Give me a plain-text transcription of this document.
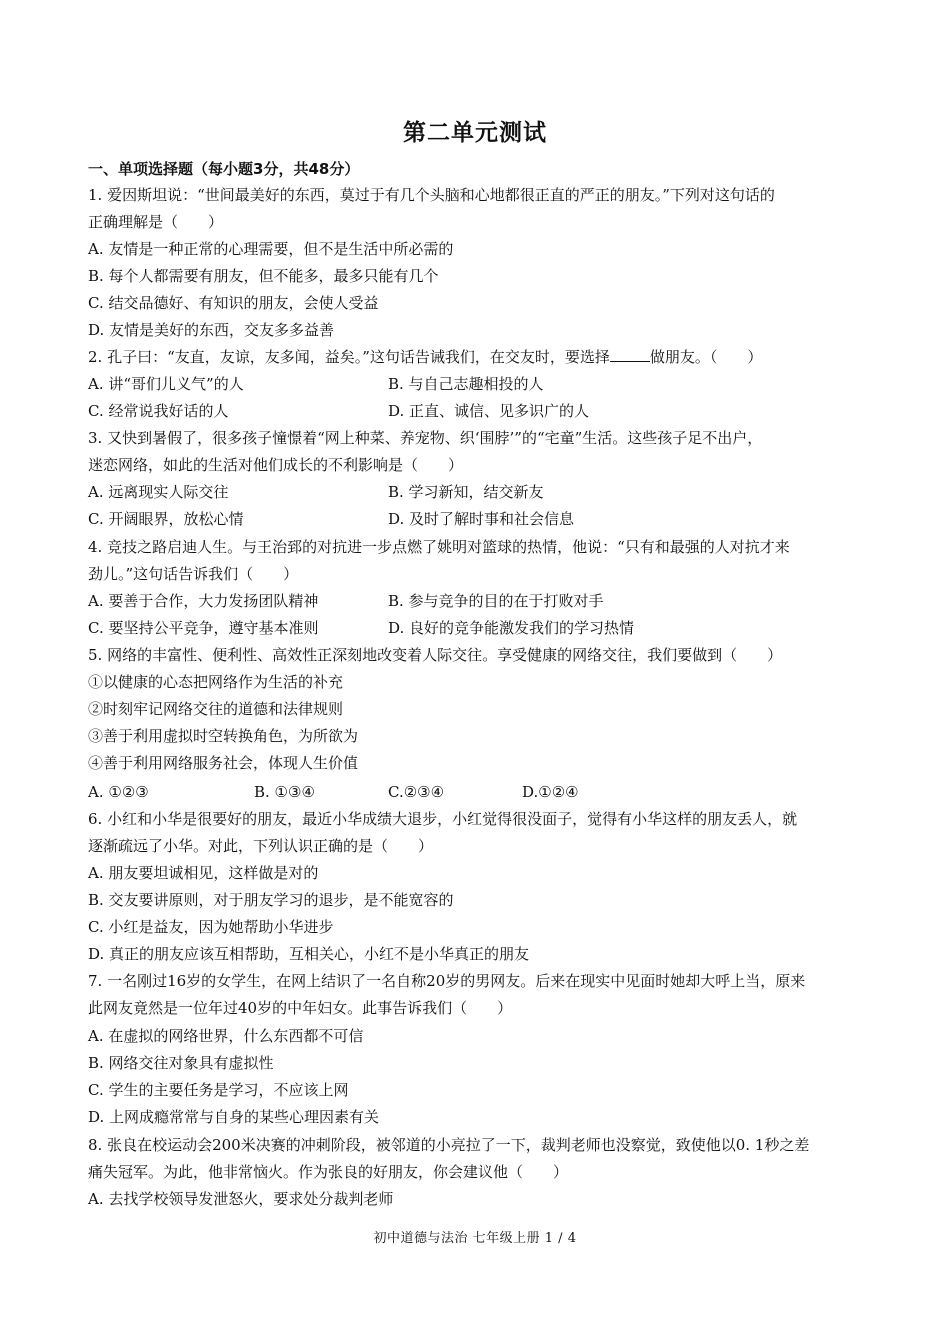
第二单元测试
一、单项选择题（每小题3分，共48分）
1. 爱因斯坦说：“世间最美好的东西，莫过于有几个头脑和心地都很正直的严正的朋友。”下列对这句话的
正确理解是（　　）
A. 友情是一种正常的心理需要，但不是生活中所必需的
B. 每个人都需要有朋友，但不能多，最多只能有几个
C. 结交品德好、有知识的朋友，会使人受益
D. 友情是美好的东西，交友多多益善
2. 孔子曰：“友直，友谅，友多闻，益矣。”这句话告诫我们，在交友时，要选择	做朋友。（　　）
A. 讲“哥们儿义气”的人	B. 与自己志趣相投的人
C. 经常说我好话的人	D. 正直、诚信、见多识广的人
3. 又快到暑假了，很多孩子憧憬着“网上种菜、养宠物、织‘围脖’”的“宅童”生活。这些孩子足不出户，
迷恋网络，如此的生活对他们成长的不利影响是（　　）
A. 远离现实人际交往	B. 学习新知，结交新友
C. 开阔眼界，放松心情	D. 及时了解时事和社会信息
4. 竞技之路启迪人生。与王治郅的对抗进一步点燃了姚明对篮球的热情，他说：“只有和最强的人对抗才来
劲儿。”这句话告诉我们（　　）
A. 要善于合作，大力发扬团队精神	B. 参与竞争的目的在于打败对手
C. 要坚持公平竞争，遵守基本准则	D. 良好的竞争能激发我们的学习热情
5. 网络的丰富性、便利性、高效性正深刻地改变着人际交往。享受健康的网络交往，我们要做到（　　）
①以健康的心态把网络作为生活的补充
②时刻牢记网络交往的道德和法律规则
③善于利用虚拟时空转换角色，为所欲为
④善于利用网络服务社会，体现人生价值
A. ①②③	B. ①③④	C.②③④	D.①②④
6. 小红和小华是很要好的朋友，最近小华成绩大退步，小红觉得很没面子，觉得有小华这样的朋友丢人，就
逐渐疏远了小华。对此，下列认识正确的是（　　）
A. 朋友要坦诚相见，这样做是对的
B. 交友要讲原则，对于朋友学习的退步，是不能宽容的
C. 小红是益友，因为她帮助小华进步
D. 真正的朋友应该互相帮助，互相关心，小红不是小华真正的朋友
7. 一名刚过16岁的女学生，在网上结识了一名自称20岁的男网友。后来在现实中见面时她却大呼上当，原来
此网友竟然是一位年过40岁的中年妇女。此事告诉我们（　　）
A. 在虚拟的网络世界，什么东西都不可信
B. 网络交往对象具有虚拟性
C. 学生的主要任务是学习，不应该上网
D. 上网成瘾常常与自身的某些心理因素有关
8. 张良在校运动会200米决赛的冲刺阶段，被邻道的小亮拉了一下，裁判老师也没察觉，致使他以0. 1秒之差
痛失冠军。为此，他非常恼火。作为张良的好朋友，你会建议他（　　）
A. 去找学校领导发泄怒火，要求处分裁判老师
初中道德与法治 七年级上册 1 / 4
